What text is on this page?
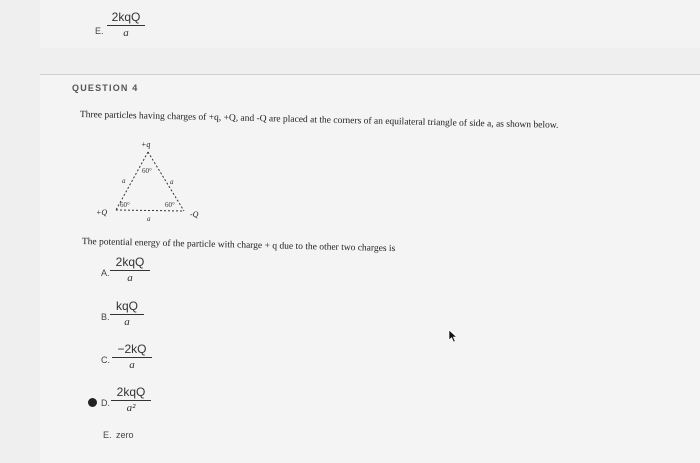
E.
2kqQ
a
QUESTION 4
Three particles having charges of +q, +Q, and -Q are placed at the corners of an equilateral triangle of side a, as shown below.
+q
+Q	-Q
60°
60°	60°
a	a
a
The potential energy of the particle with charge + q due to the other two charges is
A.
2kqQ
a
B.
kqQ
a
C.
−2kQ
a
D.
2kqQ
a²
E. zero
